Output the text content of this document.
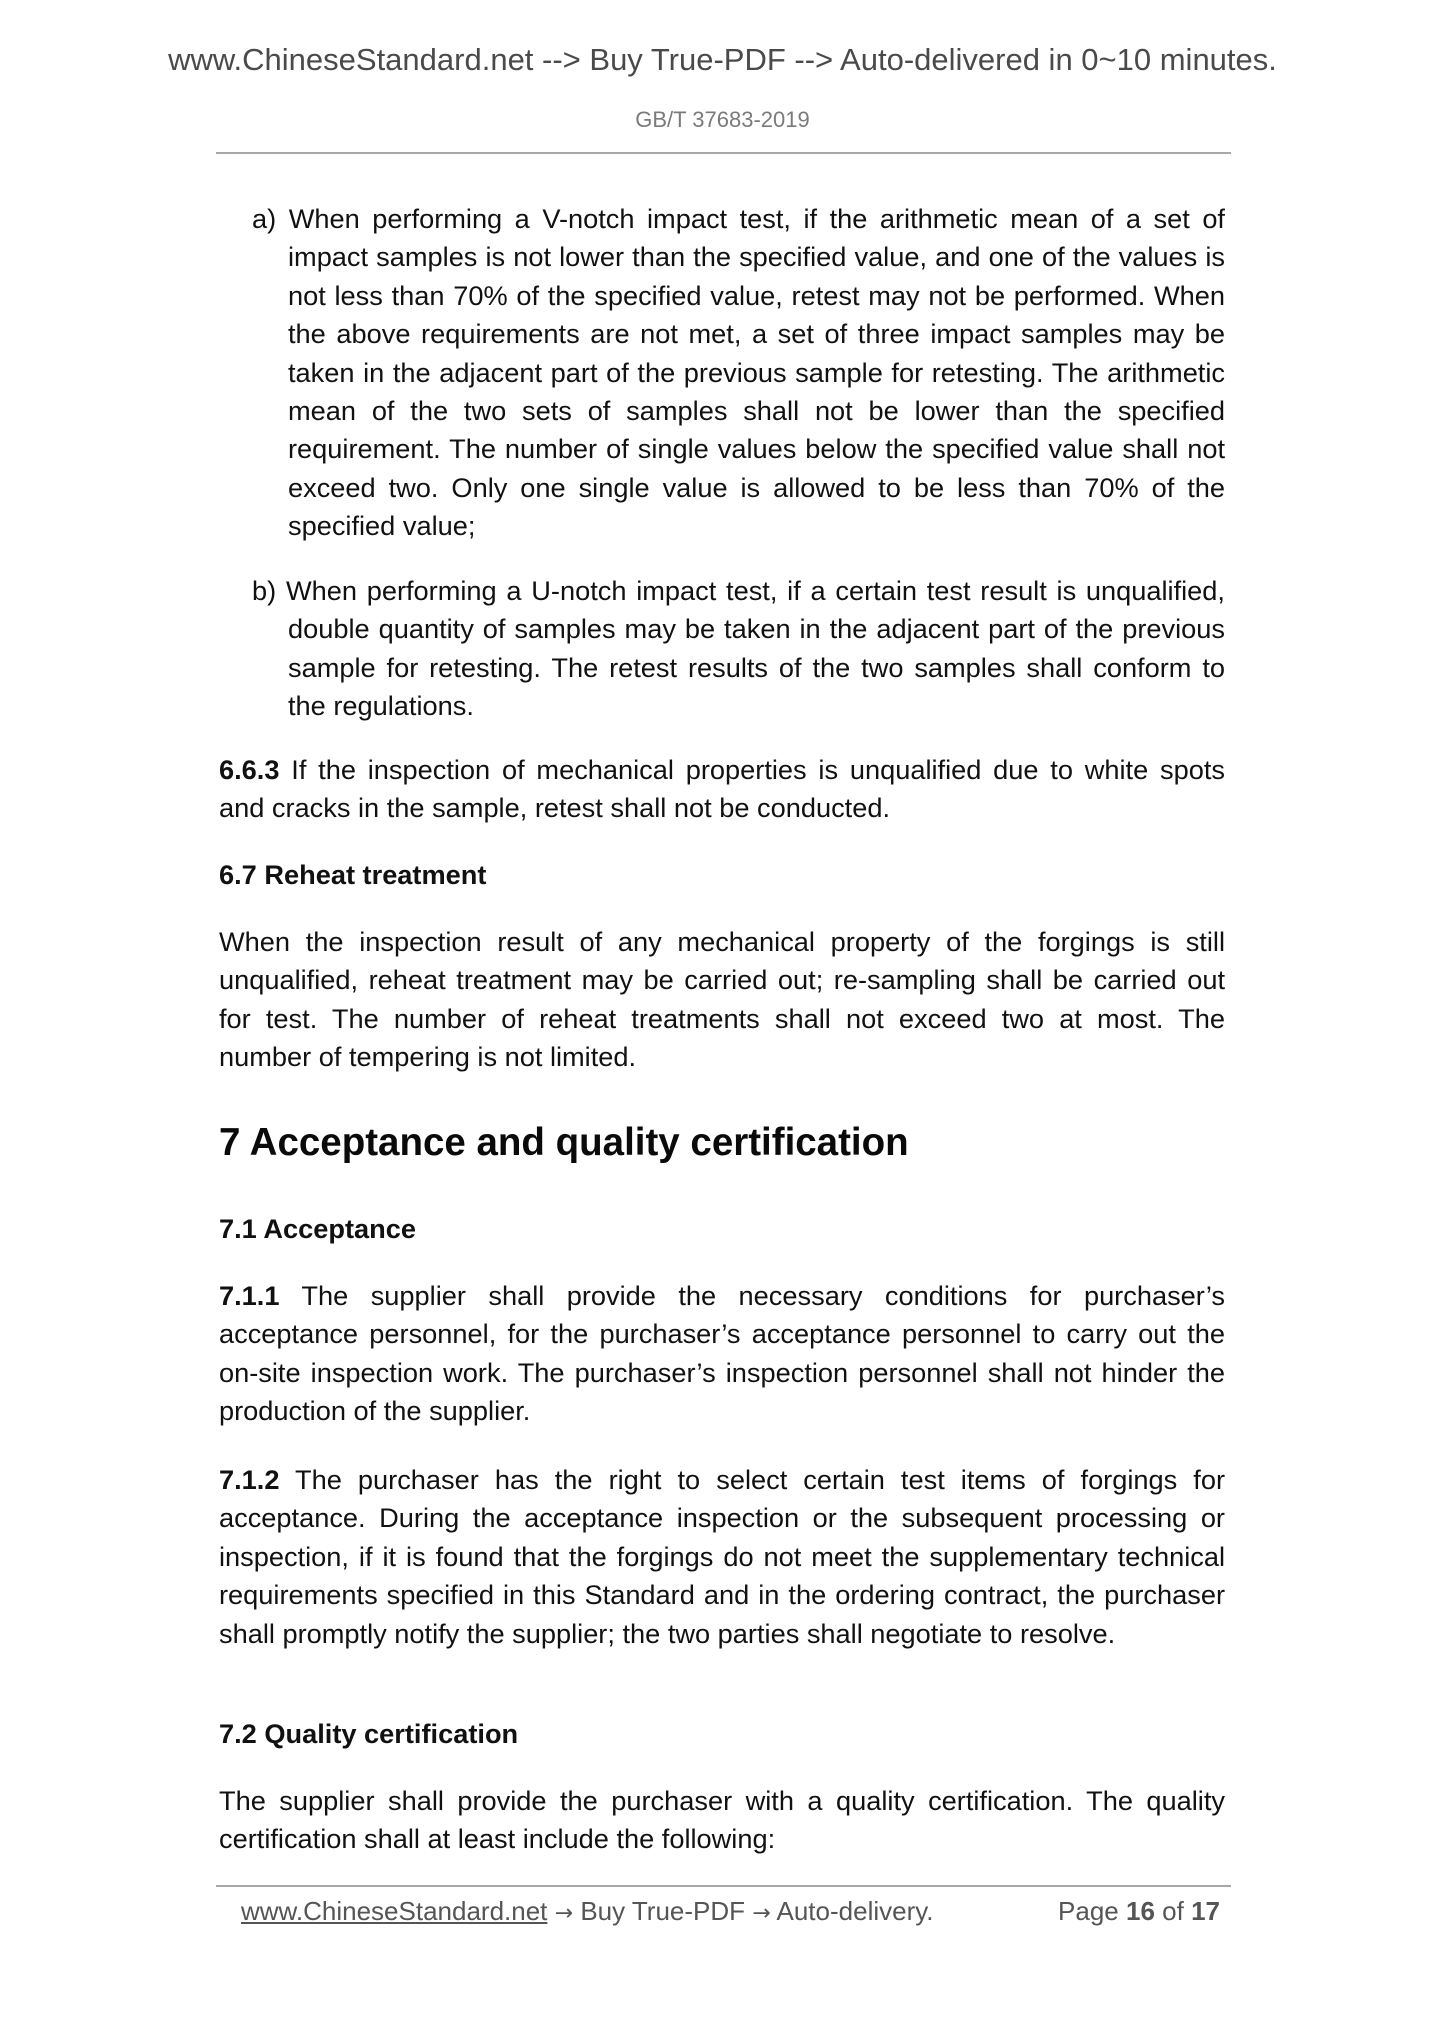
www.ChineseStandard.net --> Buy True-PDF --> Auto-delivered in 0~10 minutes.
GB/T 37683-2019
a) When performing a V-notch impact test, if the arithmetic mean of a set of impact samples is not lower than the specified value, and one of the values is not less than 70% of the specified value, retest may not be performed. When the above requirements are not met, a set of three impact samples may be taken in the adjacent part of the previous sample for retesting. The arithmetic mean of the two sets of samples shall not be lower than the specified requirement. The number of single values below the specified value shall not exceed two. Only one single value is allowed to be less than 70% of the specified value;
b) When performing a U-notch impact test, if a certain test result is unqualified, double quantity of samples may be taken in the adjacent part of the previous sample for retesting. The retest results of the two samples shall conform to the regulations.
6.6.3 If the inspection of mechanical properties is unqualified due to white spots and cracks in the sample, retest shall not be conducted.
6.7 Reheat treatment
When the inspection result of any mechanical property of the forgings is still unqualified, reheat treatment may be carried out; re-sampling shall be carried out for test. The number of reheat treatments shall not exceed two at most. The number of tempering is not limited.
7 Acceptance and quality certification
7.1 Acceptance
7.1.1 The supplier shall provide the necessary conditions for purchaser’s acceptance personnel, for the purchaser’s acceptance personnel to carry out the on-site inspection work. The purchaser’s inspection personnel shall not hinder the production of the supplier.
7.1.2 The purchaser has the right to select certain test items of forgings for acceptance. During the acceptance inspection or the subsequent processing or inspection, if it is found that the forgings do not meet the supplementary technical requirements specified in this Standard and in the ordering contract, the purchaser shall promptly notify the supplier; the two parties shall negotiate to resolve.
7.2 Quality certification
The supplier shall provide the purchaser with a quality certification. The quality certification shall at least include the following:
www.ChineseStandard.net → Buy True-PDF → Auto-delivery.	Page 16 of 17
